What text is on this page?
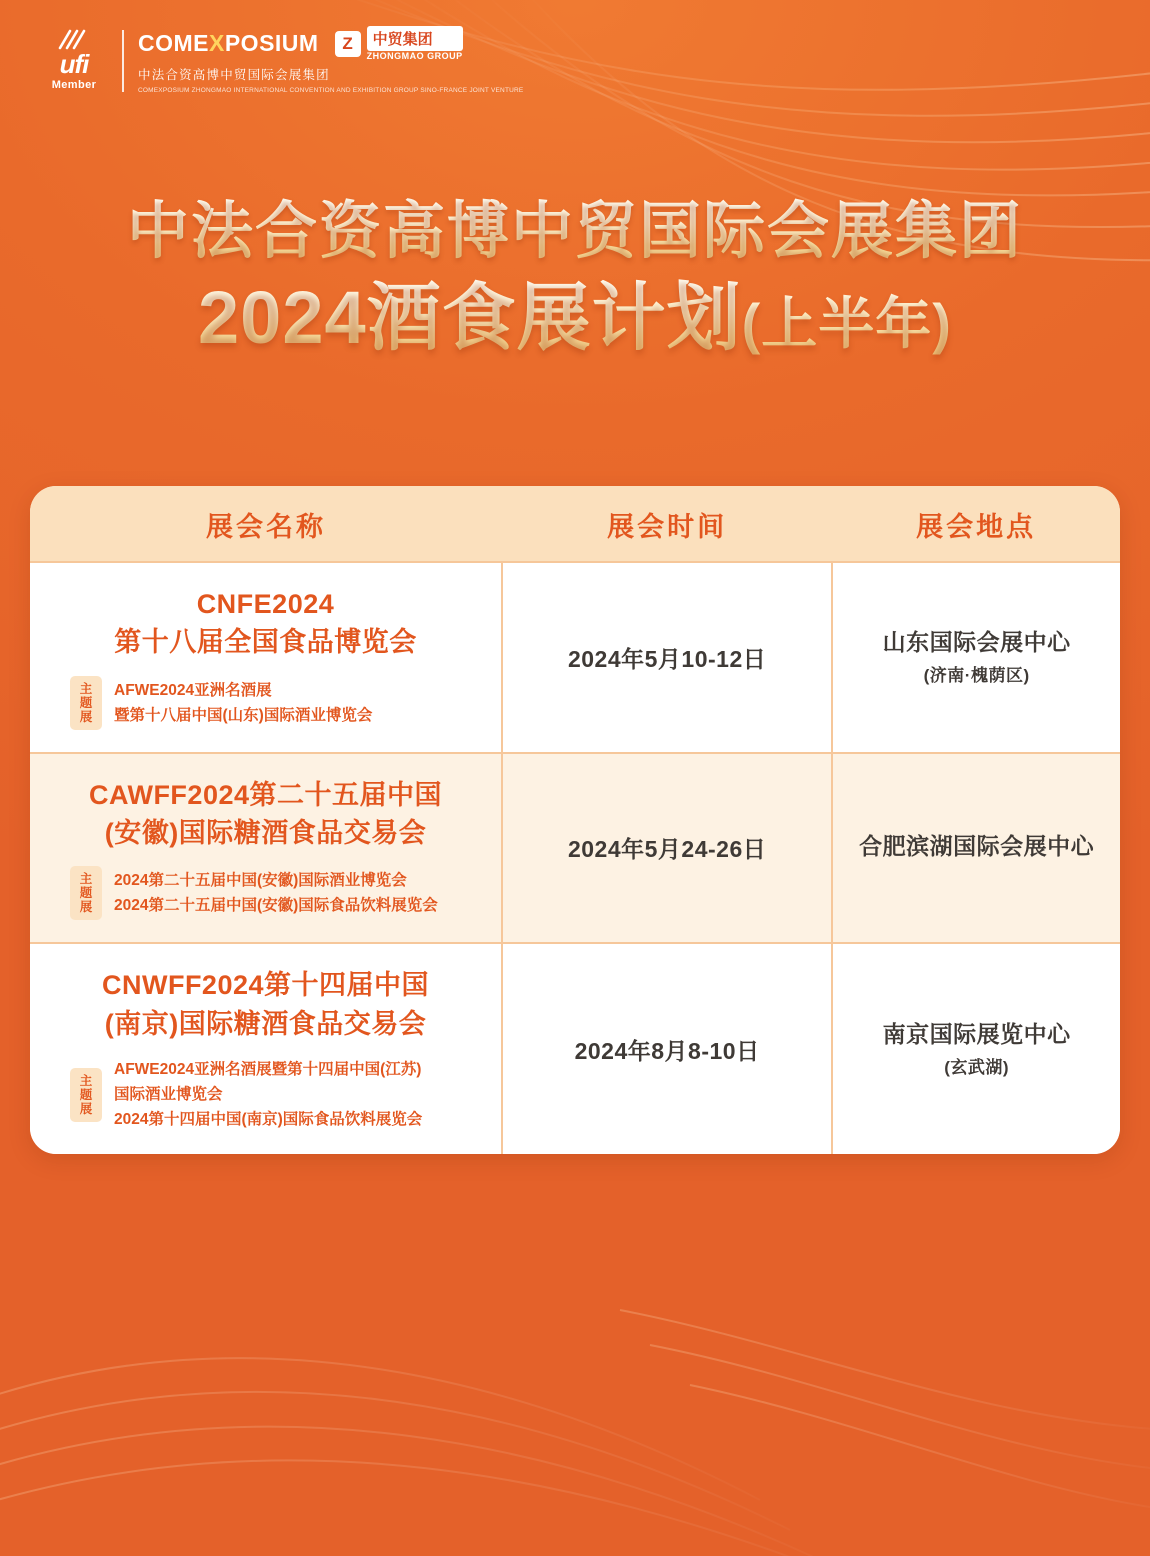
ufi
Member
COMEXPOSIUM	Z	中贸集团
ZHONGMAO GROUP
中法合资高博中贸国际会展集团
COMEXPOSIUM ZHONGMAO INTERNATIONAL CONVENTION AND EXHIBITION GROUP SINO-FRANCE JOINT VENTURE
中法合资高博中贸国际会展集团
2024酒食展计划(上半年)
展会名称	展会时间	展会地点

CNFE2024
第十八届全国食品博览会
主题展
AFWE2024亚洲名酒展
暨第十八届中国(山东)国际酒业博览会
	2024年5月10-12日	山东国际会展中心
(济南·槐荫区)

CAWFF2024第二十五届中国
(安徽)国际糖酒食品交易会
主题展
2024第二十五届中国(安徽)国际酒业博览会
2024第二十五届中国(安徽)国际食品饮料展览会	2024年5月24-26日	合肥滨湖国际会展中心

CNWFF2024第十四届中国
(南京)国际糖酒食品交易会
主题展
AFWE2024亚洲名酒展暨第十四届中国(江苏)
国际酒业博览会
2024第十四届中国(南京)国际食品饮料展览会
	2024年8月8-10日	南京国际展览中心
(玄武湖)
